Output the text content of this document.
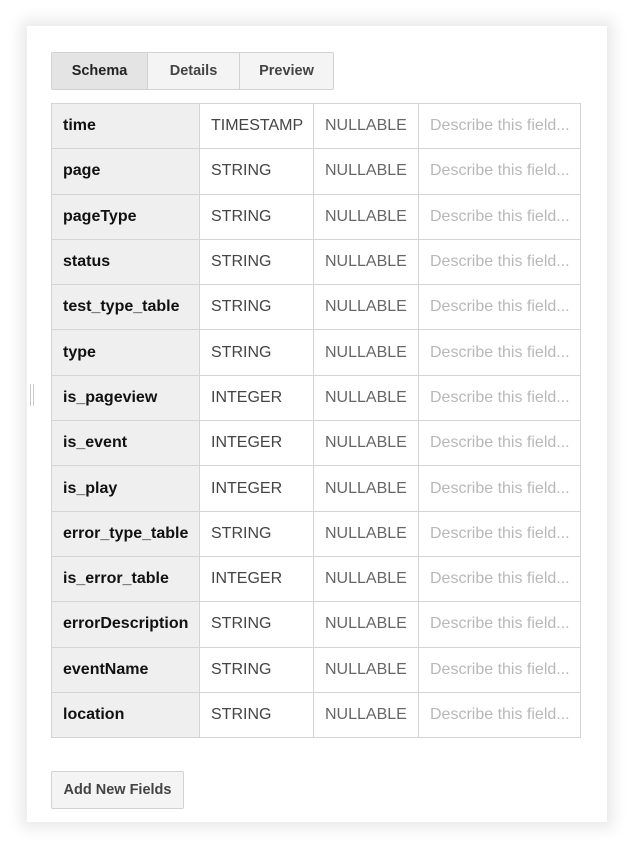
Schema	Details	Preview
time	TIMESTAMP	NULLABLE	Describe this field...
page	STRING	NULLABLE	Describe this field...
pageType	STRING	NULLABLE	Describe this field...
status	STRING	NULLABLE	Describe this field...
test_type_table	STRING	NULLABLE	Describe this field...
type	STRING	NULLABLE	Describe this field...
is_pageview	INTEGER	NULLABLE	Describe this field...
is_event	INTEGER	NULLABLE	Describe this field...
is_play	INTEGER	NULLABLE	Describe this field...
error_type_table	STRING	NULLABLE	Describe this field...
is_error_table	INTEGER	NULLABLE	Describe this field...
errorDescription	STRING	NULLABLE	Describe this field...
eventName	STRING	NULLABLE	Describe this field...
location	STRING	NULLABLE	Describe this field...
Add New Fields
